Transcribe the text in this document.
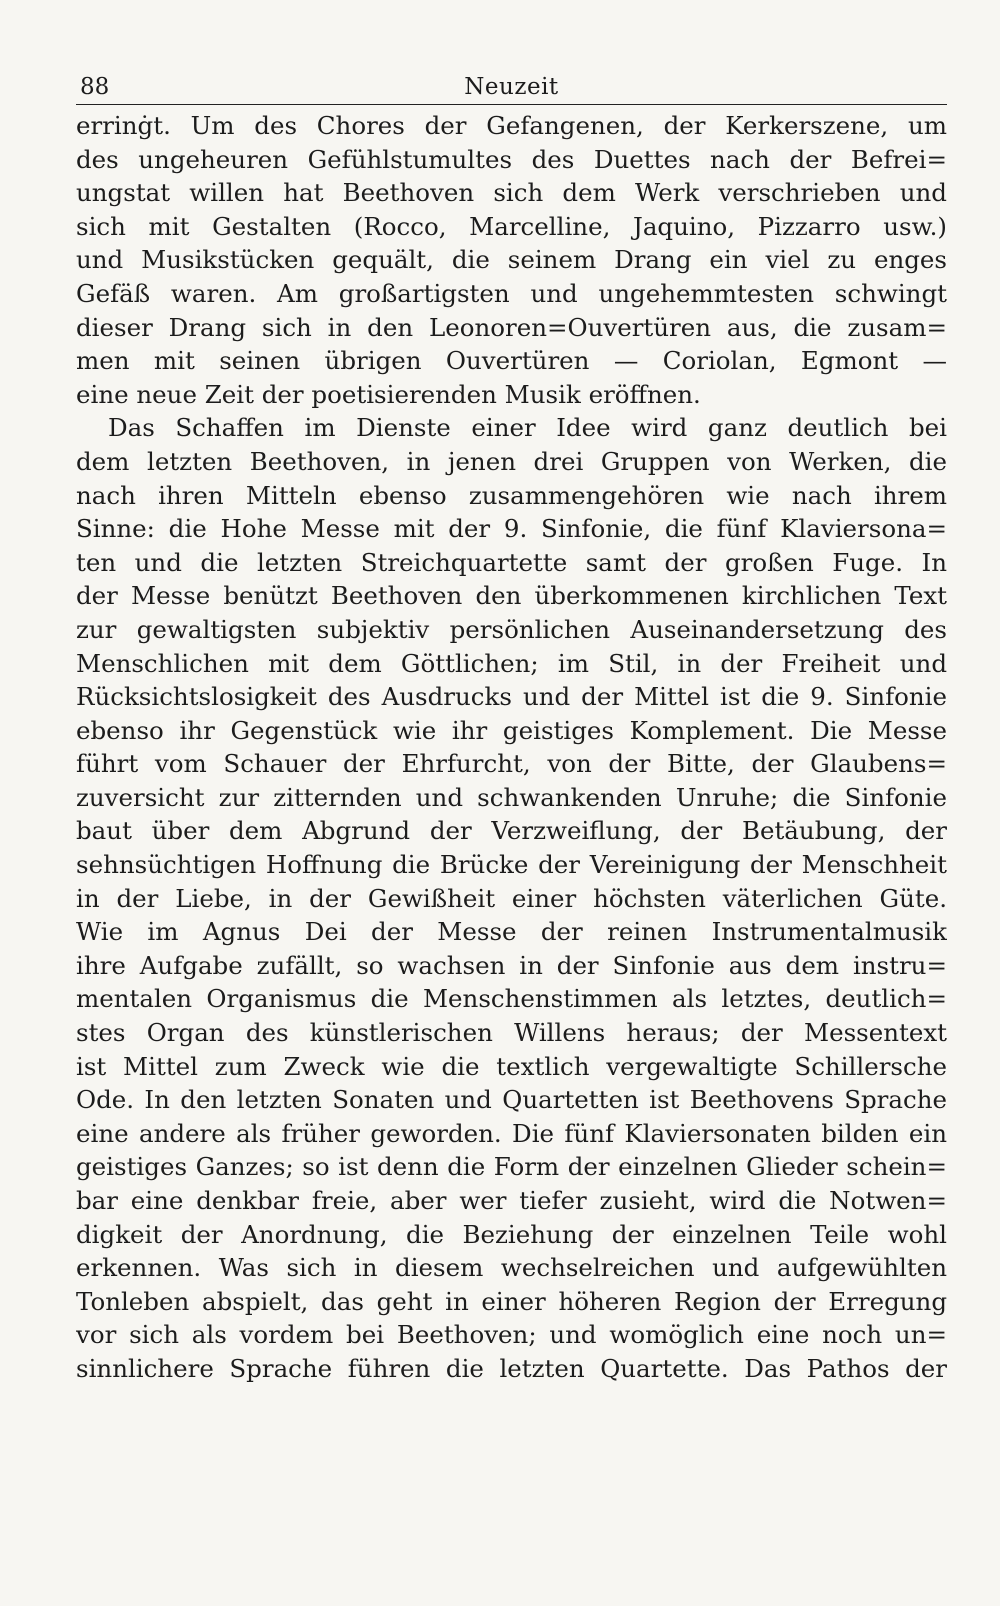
88	Neuzeit
errinġt. Um des Chores der Gefangenen, der Kerkerszene, um
des ungeheuren Gefühlstumultes des Duettes nach der Befrei=
ungstat willen hat Beethoven sich dem Werk verschrieben und
sich mit Gestalten (Rocco, Marcelline, Jaquino, Pizzarro usw.)
und Musikstücken gequält, die seinem Drang ein viel zu enges
Gefäß waren. Am großartigsten und ungehemmtesten schwingt
dieser Drang sich in den Leonoren=Ouvertüren aus, die zusam=
men mit seinen übrigen Ouvertüren — Coriolan, Egmont —
eine neue Zeit der poetisierenden Musik eröffnen.
Das Schaffen im Dienste einer Idee wird ganz deutlich bei
dem letzten Beethoven, in jenen drei Gruppen von Werken, die
nach ihren Mitteln ebenso zusammengehören wie nach ihrem
Sinne: die Hohe Messe mit der 9. Sinfonie, die fünf Klaviersona=
ten und die letzten Streichquartette samt der großen Fuge. In
der Messe benützt Beethoven den überkommenen kirchlichen Text
zur gewaltigsten subjektiv persönlichen Auseinandersetzung des
Menschlichen mit dem Göttlichen; im Stil, in der Freiheit und
Rücksichtslosigkeit des Ausdrucks und der Mittel ist die 9. Sinfonie
ebenso ihr Gegenstück wie ihr geistiges Komplement. Die Messe
führt vom Schauer der Ehrfurcht, von der Bitte, der Glaubens=
zuversicht zur zitternden und schwankenden Unruhe; die Sinfonie
baut über dem Abgrund der Verzweiflung, der Betäubung, der
sehnsüchtigen Hoffnung die Brücke der Vereinigung der Menschheit
in der Liebe, in der Gewißheit einer höchsten väterlichen Güte.
Wie im Agnus Dei der Messe der reinen Instrumentalmusik
ihre Aufgabe zufällt, so wachsen in der Sinfonie aus dem instru=
mentalen Organismus die Menschenstimmen als letztes, deutlich=
stes Organ des künstlerischen Willens heraus; der Messentext
ist Mittel zum Zweck wie die textlich vergewaltigte Schillersche
Ode. In den letzten Sonaten und Quartetten ist Beethovens Sprache
eine andere als früher geworden. Die fünf Klaviersonaten bilden ein
geistiges Ganzes; so ist denn die Form der einzelnen Glieder schein=
bar eine denkbar freie, aber wer tiefer zusieht, wird die Notwen=
digkeit der Anordnung, die Beziehung der einzelnen Teile wohl
erkennen. Was sich in diesem wechselreichen und aufgewühlten
Tonleben abspielt, das geht in einer höheren Region der Erregung
vor sich als vordem bei Beethoven; und womöglich eine noch un=
sinnlichere Sprache führen die letzten Quartette. Das Pathos der
